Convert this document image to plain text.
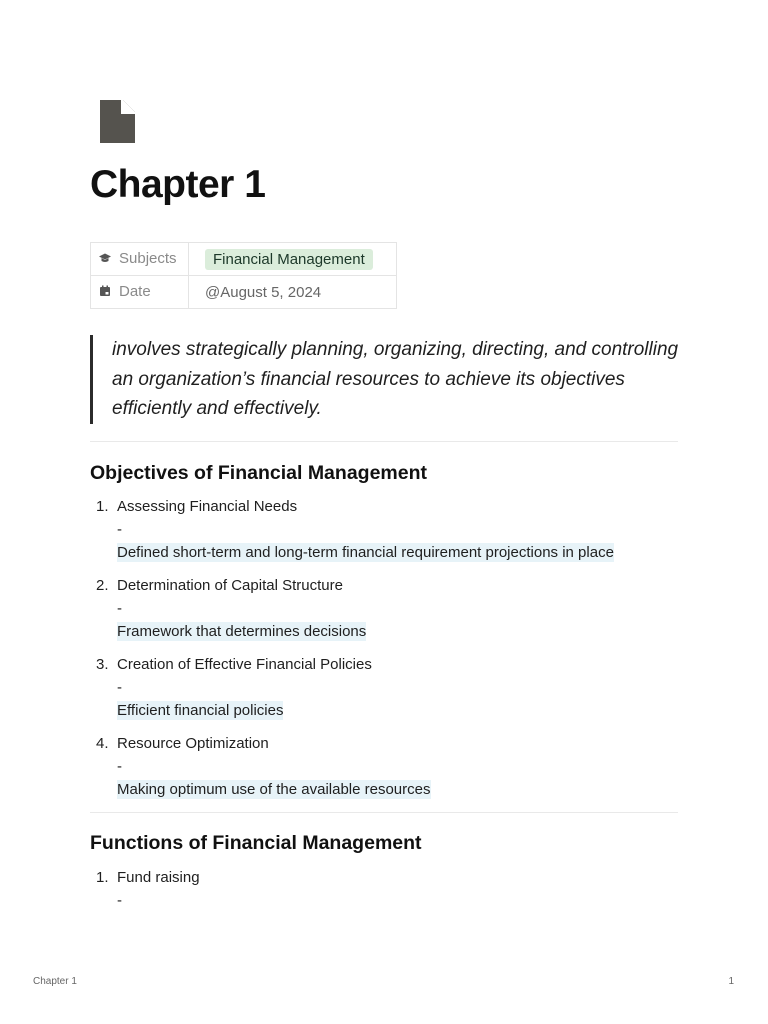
Chapter 1
Subjects	Financial Management

Date	@August 5, 2024
involves strategically planning, organizing, directing, and controlling an organization’s financial resources to achieve its objectives efficiently and effectively.
Objectives of Financial Management
1. Assessing Financial Needs
-
Defined short-term and long-term financial requirement projections in place
2. Determination of Capital Structure
-
Framework that determines decisions
3. Creation of Effective Financial Policies
-
Efficient financial policies
4. Resource Optimization
-
Making optimum use of the available resources
Functions of Financial Management
1. Fund raising
-
Chapter 1	1
